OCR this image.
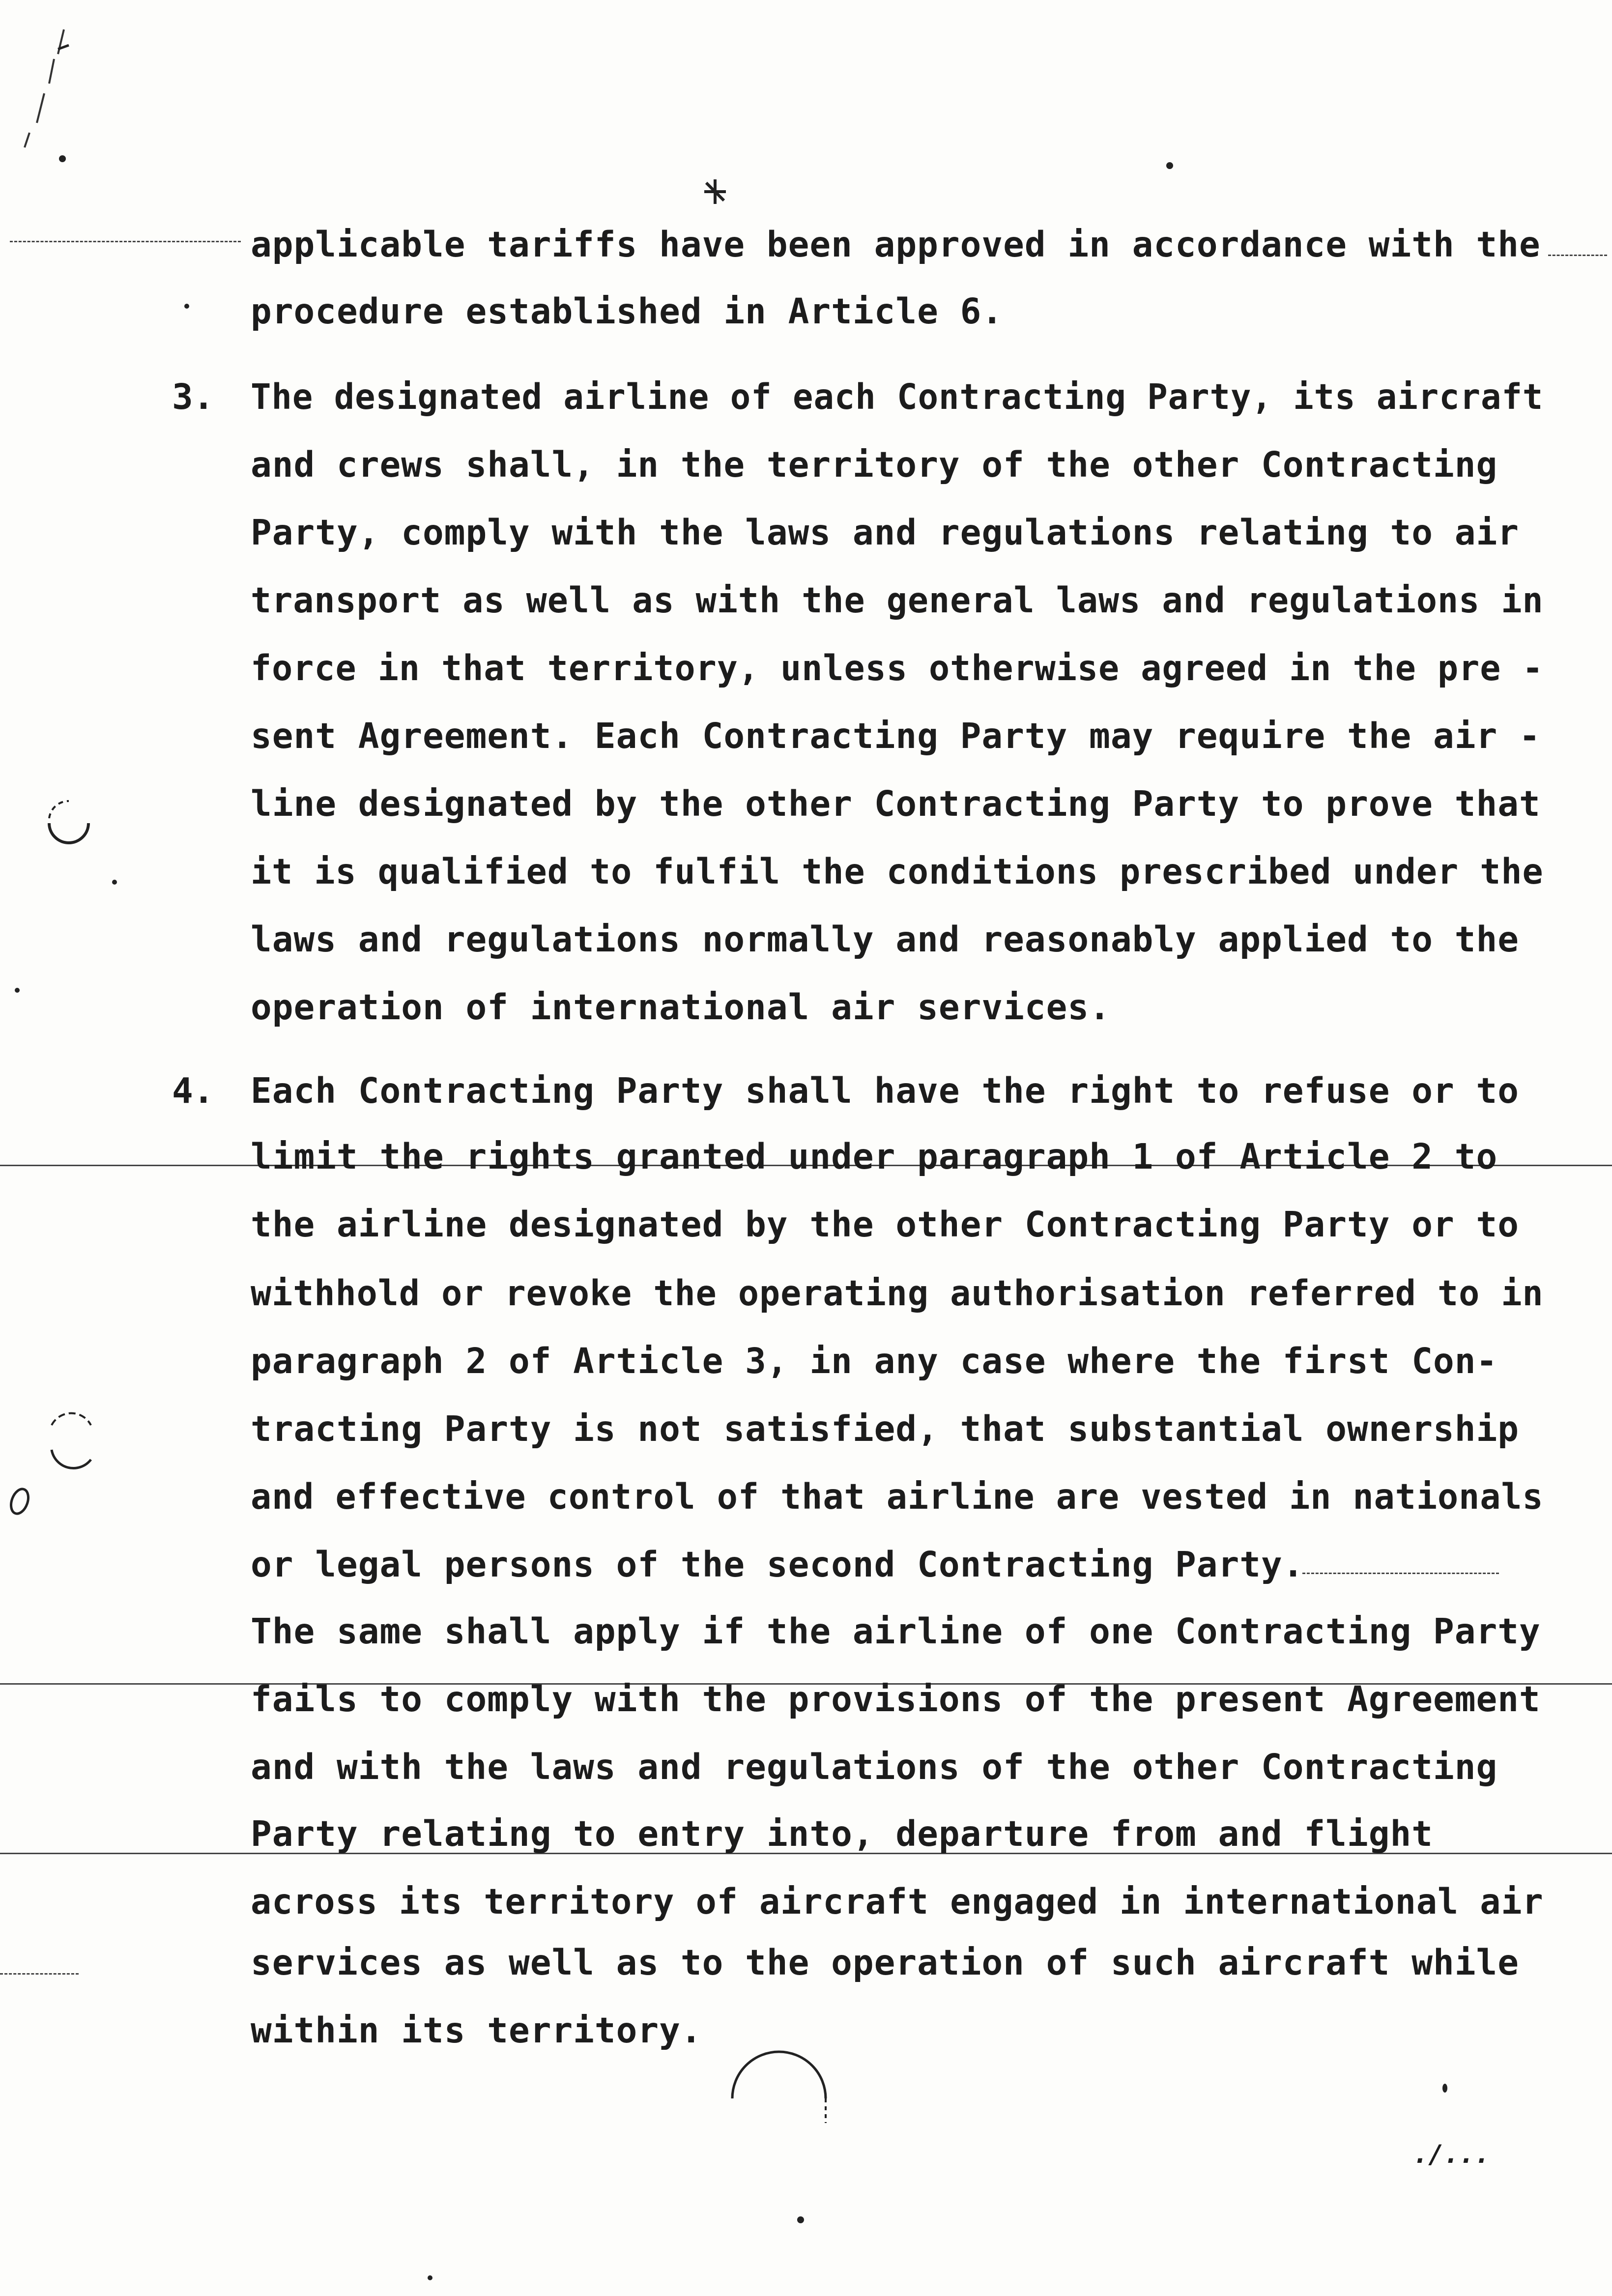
applicable tariffs have been approved in accordance with the
procedure established in Article 6.
3. The designated airline of each Contracting Party, its aircraft
and crews shall, in the territory of the other Contracting
Party, comply with the laws and regulations relating to air
transport as well as with the general laws and regulations in
force in that territory, unless otherwise agreed in the pre -
sent Agreement. Each Contracting Party may require the air -
line designated by the other Contracting Party to prove that
it is qualified to fulfil the conditions prescribed under the
laws and regulations normally and reasonably applied to the
operation of international air services.
4. Each Contracting Party shall have the right to refuse or to
limit the rights granted under paragraph 1 of Article 2 to
the airline designated by the other Contracting Party or to
withhold or revoke the operating authorisation referred to in
paragraph 2 of Article 3, in any case where the first Con-
tracting Party is not satisfied, that substantial ownership
and effective control of that airline are vested in nationals
or legal persons of the second Contracting Party.
The same shall apply if the airline of one Contracting Party
fails to comply with the provisions of the present Agreement
and with the laws and regulations of the other Contracting
Party relating to entry into, departure from and flight
across its territory of aircraft engaged in international air
services as well as to the operation of such aircraft while
within its territory.
./...
